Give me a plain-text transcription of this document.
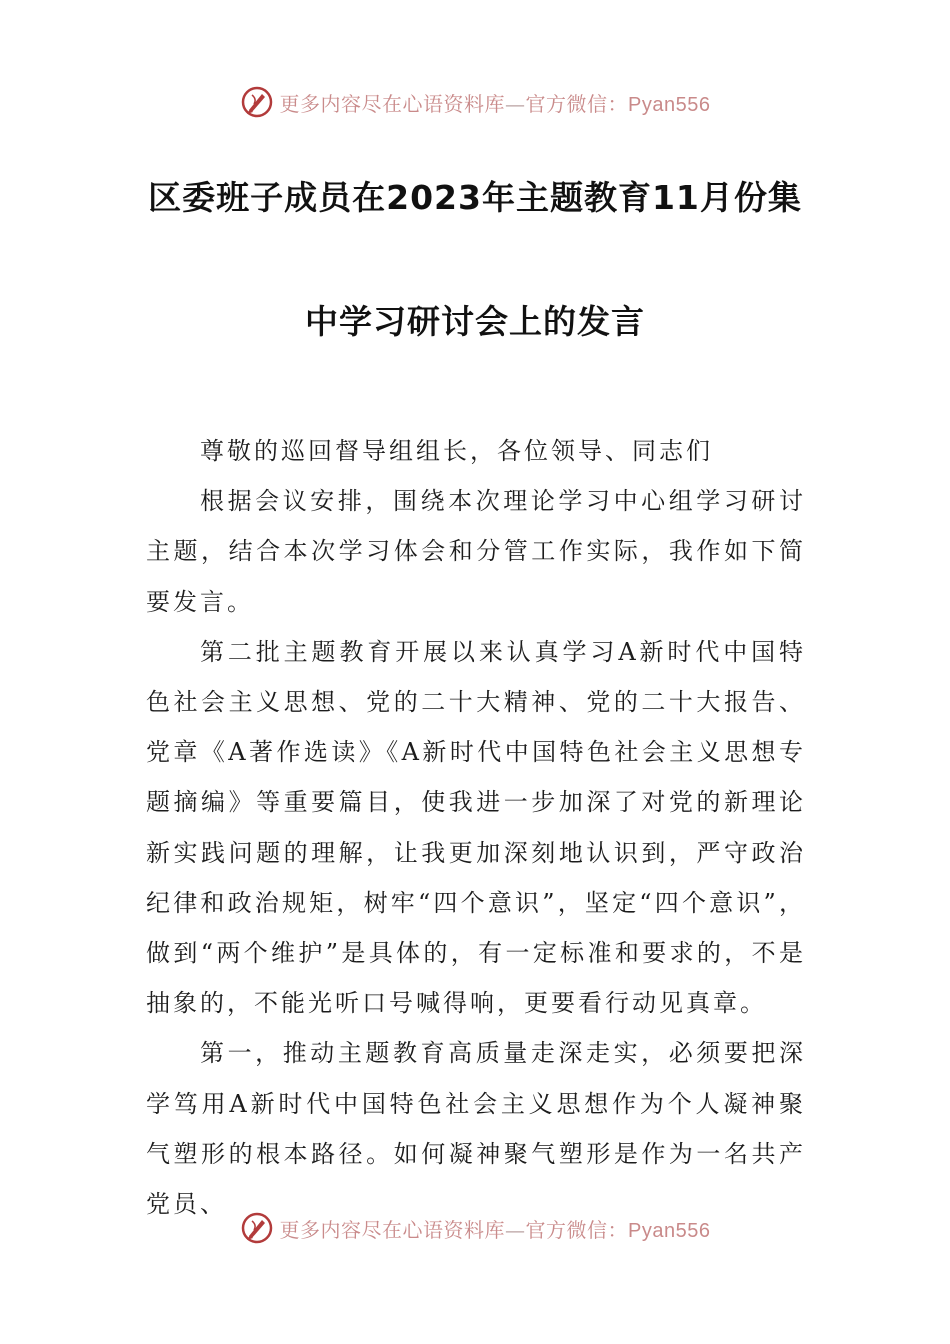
更多内容尽在心语资料库—官方微信：Pyan556
区委班子成员在2023年主题教育11月份集
中学习研讨会上的发言

尊敬的巡回督导组组长，各位领导、同志们

根据会议安排，围绕本次理论学习中心组学习研讨主题，结合本次学习体会和分管工作实际，我作如下简要发言。

第二批主题教育开展以来认真学习A新时代中国特色社会主义思想、党的二十大精神、党的二十大报告、党章《A著作选读》《A新时代中国特色社会主义思想专题摘编》等重要篇目，使我进一步加深了对党的新理论新实践问题的理解，让我更加深刻地认识到，严守政治纪律和政治规矩，树牢“四个意识”，坚定“四个意识”，做到“两个维护”是具体的，有一定标准和要求的，不是抽象的，不能光听口号喊得响，更要看行动见真章。

第一，推动主题教育高质量走深走实，必须要把深学笃用A新时代中国特色社会主义思想作为个人凝神聚气塑形的根本路径。如何凝神聚气塑形是作为一名共产党员、

更多内容尽在心语资料库—官方微信：Pyan556
